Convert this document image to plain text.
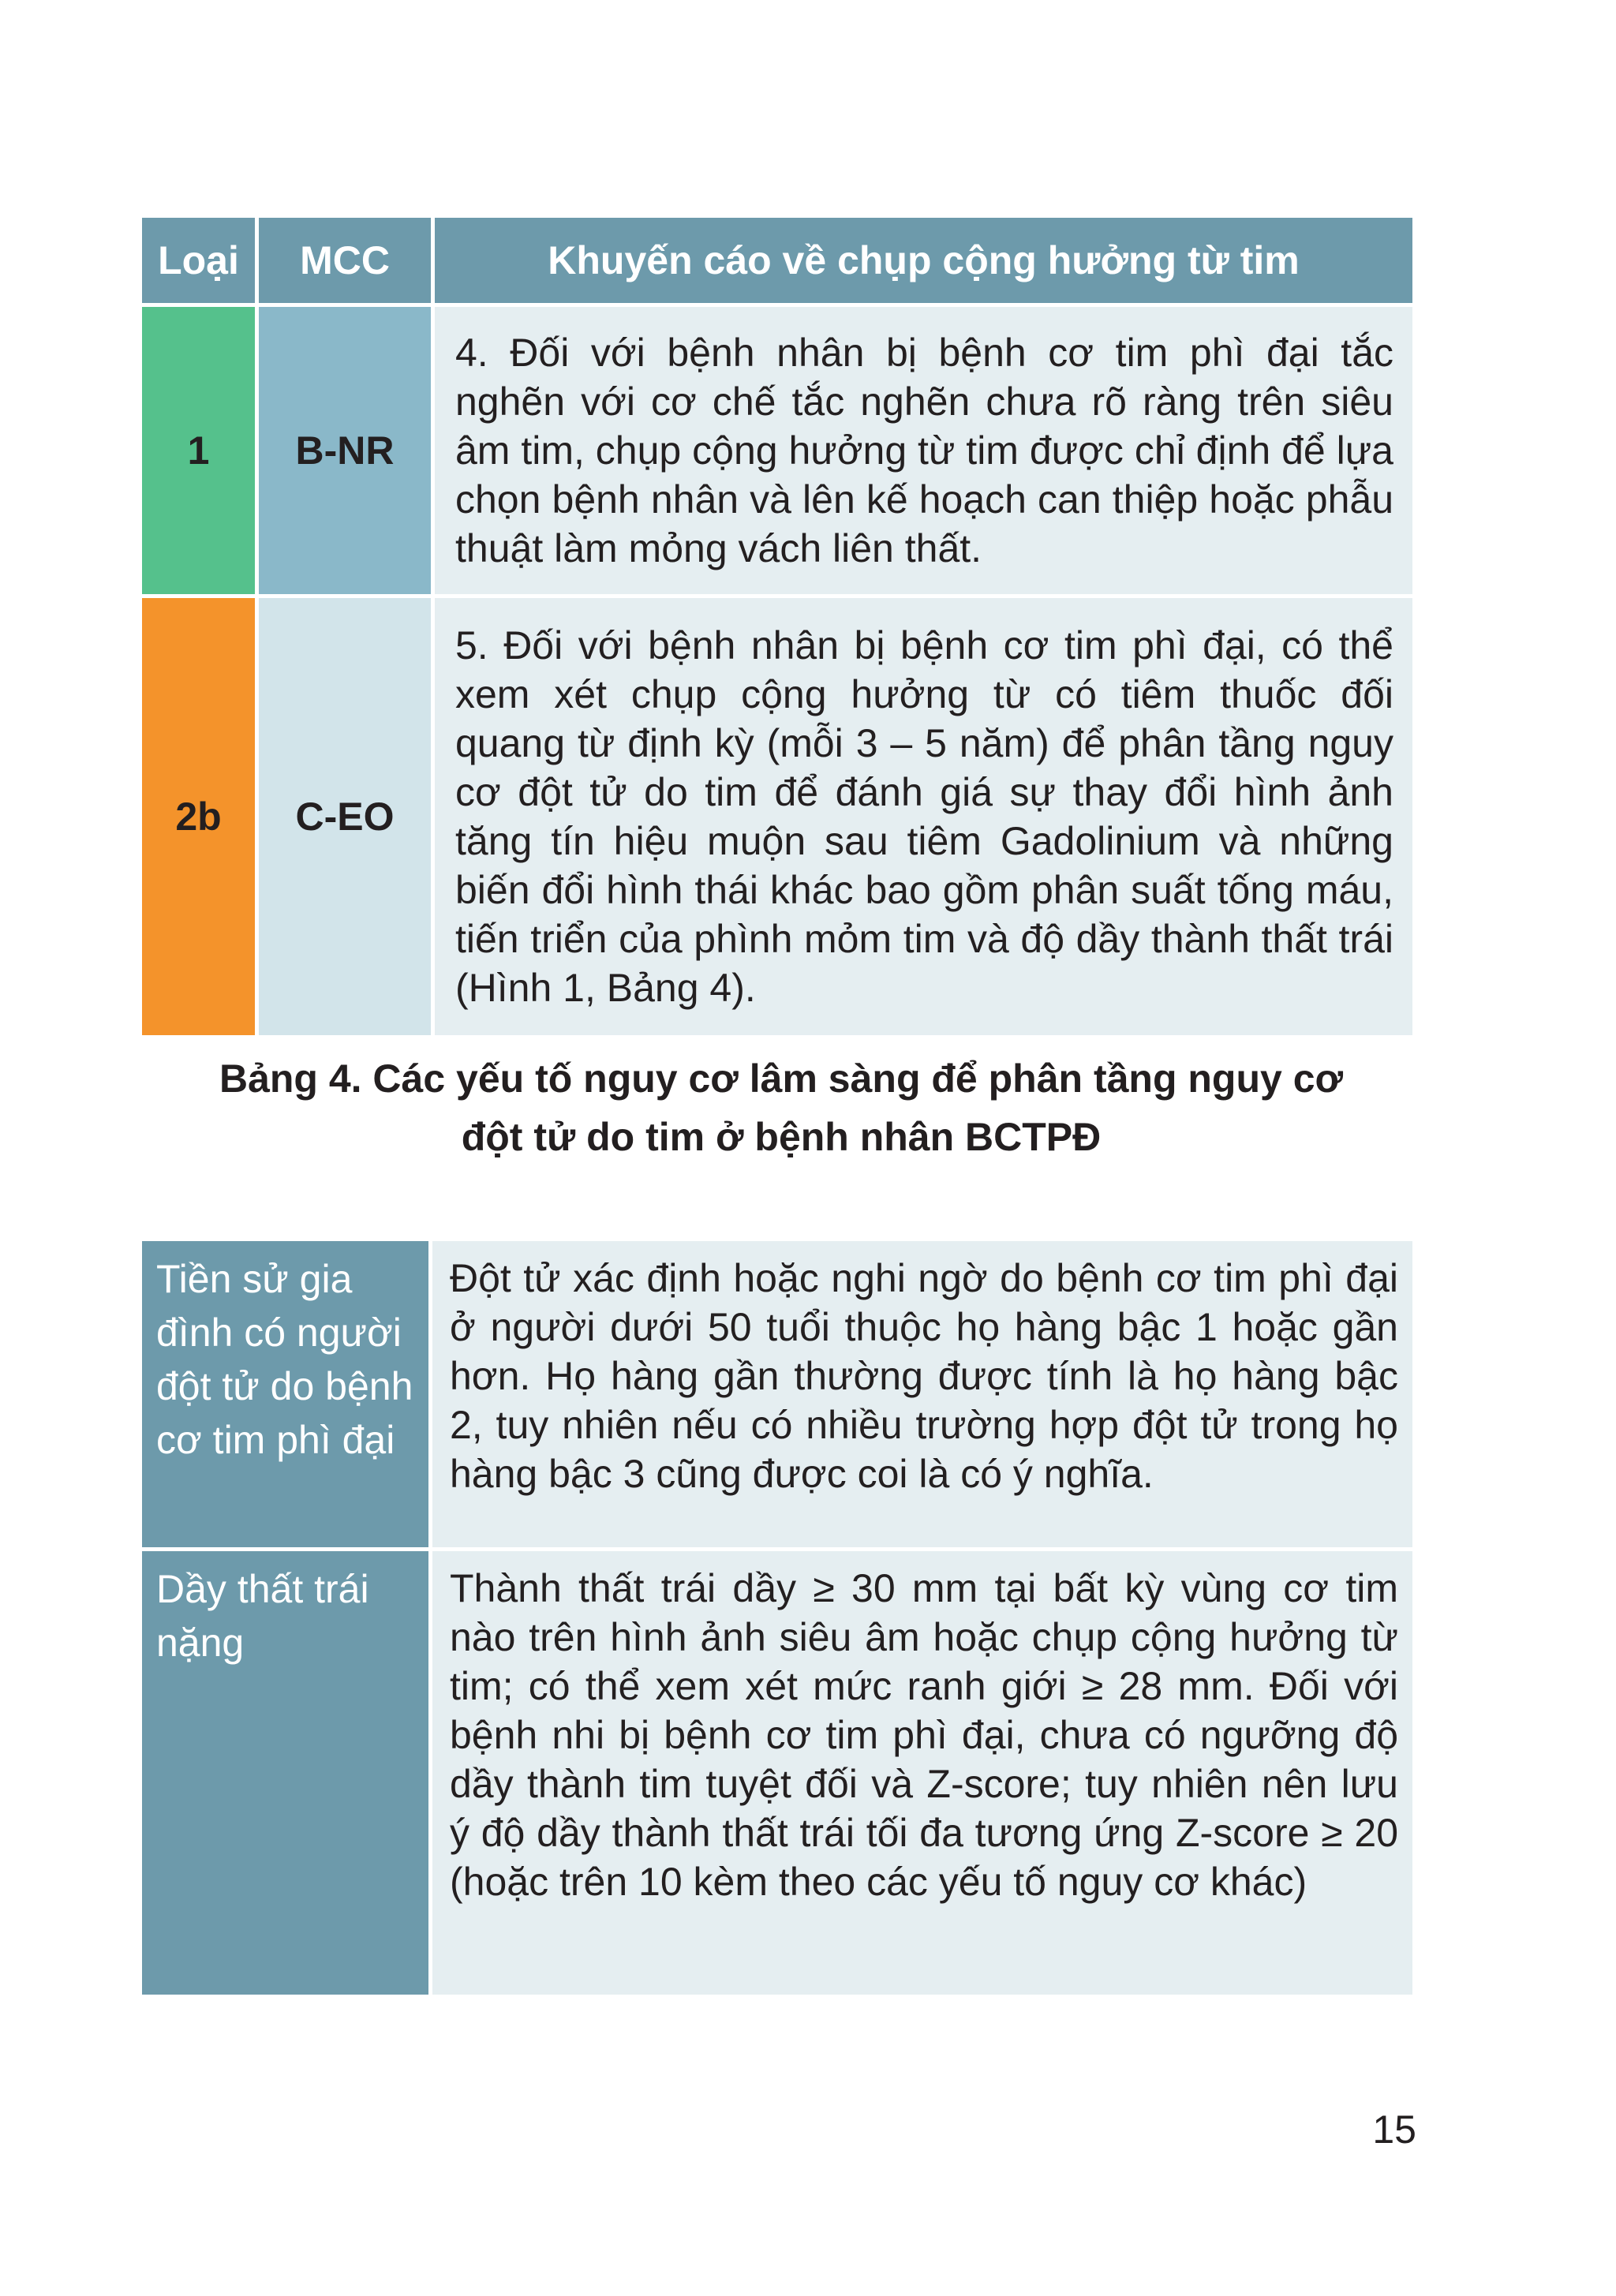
Loại	MCC	Khuyến cáo về chụp cộng hưởng từ tim
1	B-NR	4. Đối với bệnh nhân bị bệnh cơ tim phì đại tắc nghẽn với cơ chế tắc nghẽn chưa rõ ràng trên siêu âm tim, chụp cộng hưởng từ tim được chỉ định để lựa chọn bệnh nhân và lên kế hoạch can thiệp hoặc phẫu thuật làm mỏng vách liên thất.
2b	C-EO	5. Đối với bệnh nhân bị bệnh cơ tim phì đại, có thể xem xét chụp cộng hưởng từ có tiêm thuốc đối quang từ định kỳ (mỗi 3 – 5 năm) để phân tầng nguy cơ đột tử do tim để đánh giá sự thay đổi hình ảnh tăng tín hiệu muộn sau tiêm Gadolinium và những biến đổi hình thái khác bao gồm phân suất tống máu, tiến triển của phình mỏm tim và độ dầy thành thất trái (Hình 1, Bảng 4).
Bảng 4. Các yếu tố nguy cơ lâm sàng để phân tầng nguy cơ
đột tử do tim ở bệnh nhân BCTPĐ
Tiền sử gia đình có người đột tử do bệnh cơ tim phì đại	Đột tử xác định hoặc nghi ngờ do bệnh cơ tim phì đại ở người dưới 50 tuổi thuộc họ hàng bậc 1 hoặc gần hơn. Họ hàng gần thường được tính là họ hàng bậc 2, tuy nhiên nếu có nhiều trường hợp đột tử trong họ hàng bậc 3 cũng được coi là có ý nghĩa.
Dầy thất trái nặng	Thành thất trái dầy ≥ 30 mm tại bất kỳ vùng cơ tim nào trên hình ảnh siêu âm hoặc chụp cộng hưởng từ tim; có thể xem xét mức ranh giới ≥ 28 mm. Đối với bệnh nhi bị bệnh cơ tim phì đại, chưa có ngưỡng độ dầy thành tim tuyệt đối và Z-score; tuy nhiên nên lưu ý độ dầy thành thất trái tối đa tương ứng Z-score ≥ 20 (hoặc trên 10 kèm theo các yếu tố nguy cơ khác)
15
